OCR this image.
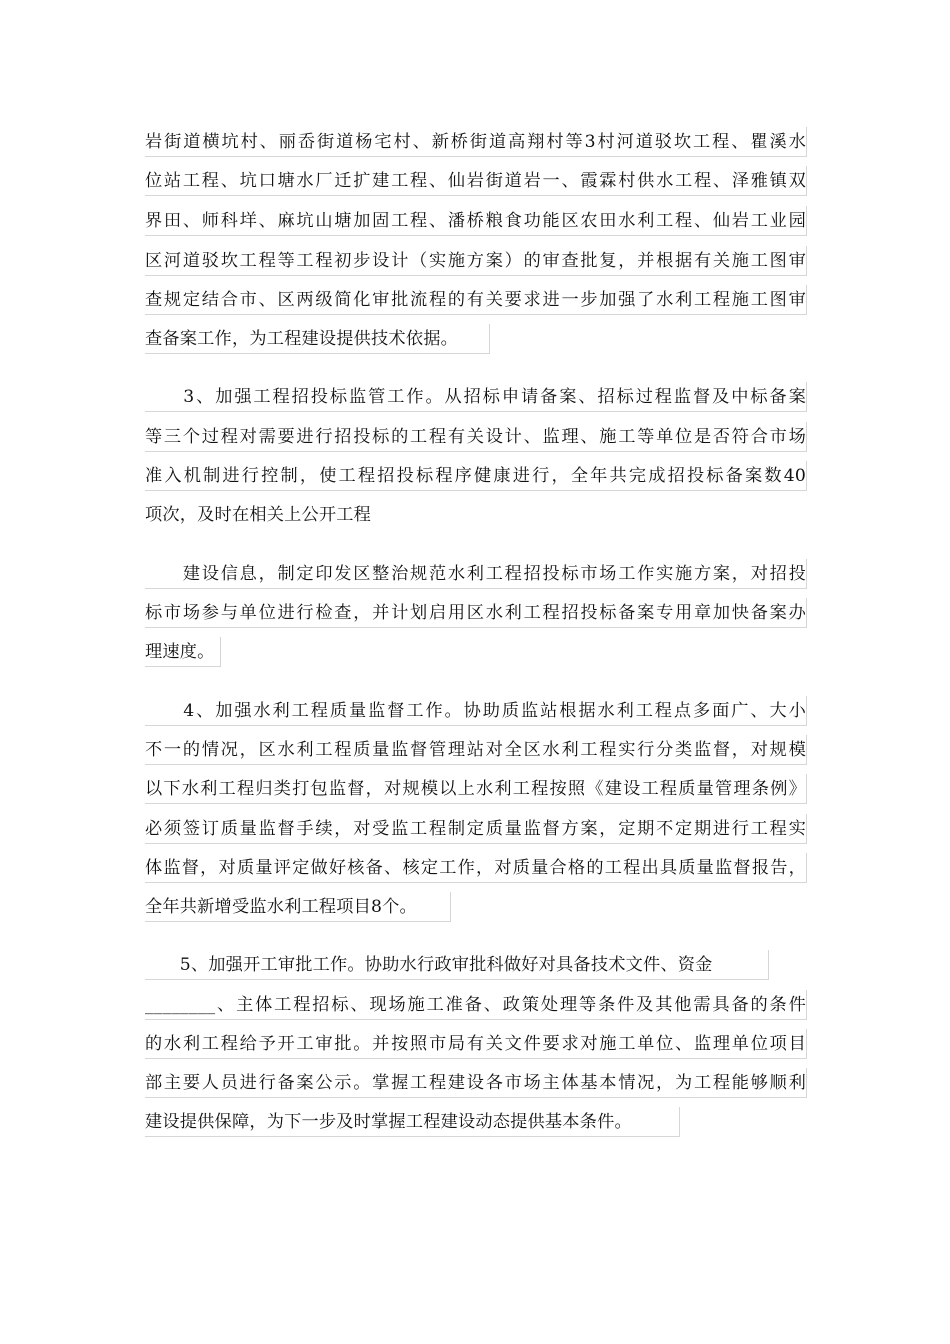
岩街道横坑村、丽岙街道杨宅村、新桥街道高翔村等3村河道驳坎工程、瞿溪水
位站工程、坑口塘水厂迁扩建工程、仙岩街道岩一、霞霖村供水工程、泽雅镇双
界田、师科垟、麻坑山塘加固工程、潘桥粮食功能区农田水利工程、仙岩工业园
区河道驳坎工程等工程初步设计（实施方案）的审查批复，并根据有关施工图审
查规定结合市、区两级简化审批流程的有关要求进一步加强了水利工程施工图审
查备案工作，为工程建设提供技术依据。
　　3、加强工程招投标监管工作。从招标申请备案、招标过程监督及中标备案
等三个过程对需要进行招投标的工程有关设计、监理、施工等单位是否符合市场
准入机制进行控制，使工程招投标程序健康进行，全年共完成招投标备案数40
项次，及时在相关上公开工程
　　建设信息，制定印发区整治规范水利工程招投标市场工作实施方案，对招投
标市场参与单位进行检查，并计划启用区水利工程招投标备案专用章加快备案办
理速度。
　　4、加强水利工程质量监督工作。协助质监站根据水利工程点多面广、大小
不一的情况，区水利工程质量监督管理站对全区水利工程实行分类监督，对规模
以下水利工程归类打包监督，对规模以上水利工程按照《建设工程质量管理条例》
必须签订质量监督手续，对受监工程制定质量监督方案，定期不定期进行工程实
体监督，对质量评定做好核备、核定工作，对质量合格的工程出具质量监督报告，
全年共新增受监水利工程项目8个。
　　5、加强开工审批工作。协助水行政审批科做好对具备技术文件、资金
________、主体工程招标、现场施工准备、政策处理等条件及其他需具备的条件
的水利工程给予开工审批。并按照市局有关文件要求对施工单位、监理单位项目
部主要人员进行备案公示。掌握工程建设各市场主体基本情况，为工程能够顺利
建设提供保障，为下一步及时掌握工程建设动态提供基本条件。
